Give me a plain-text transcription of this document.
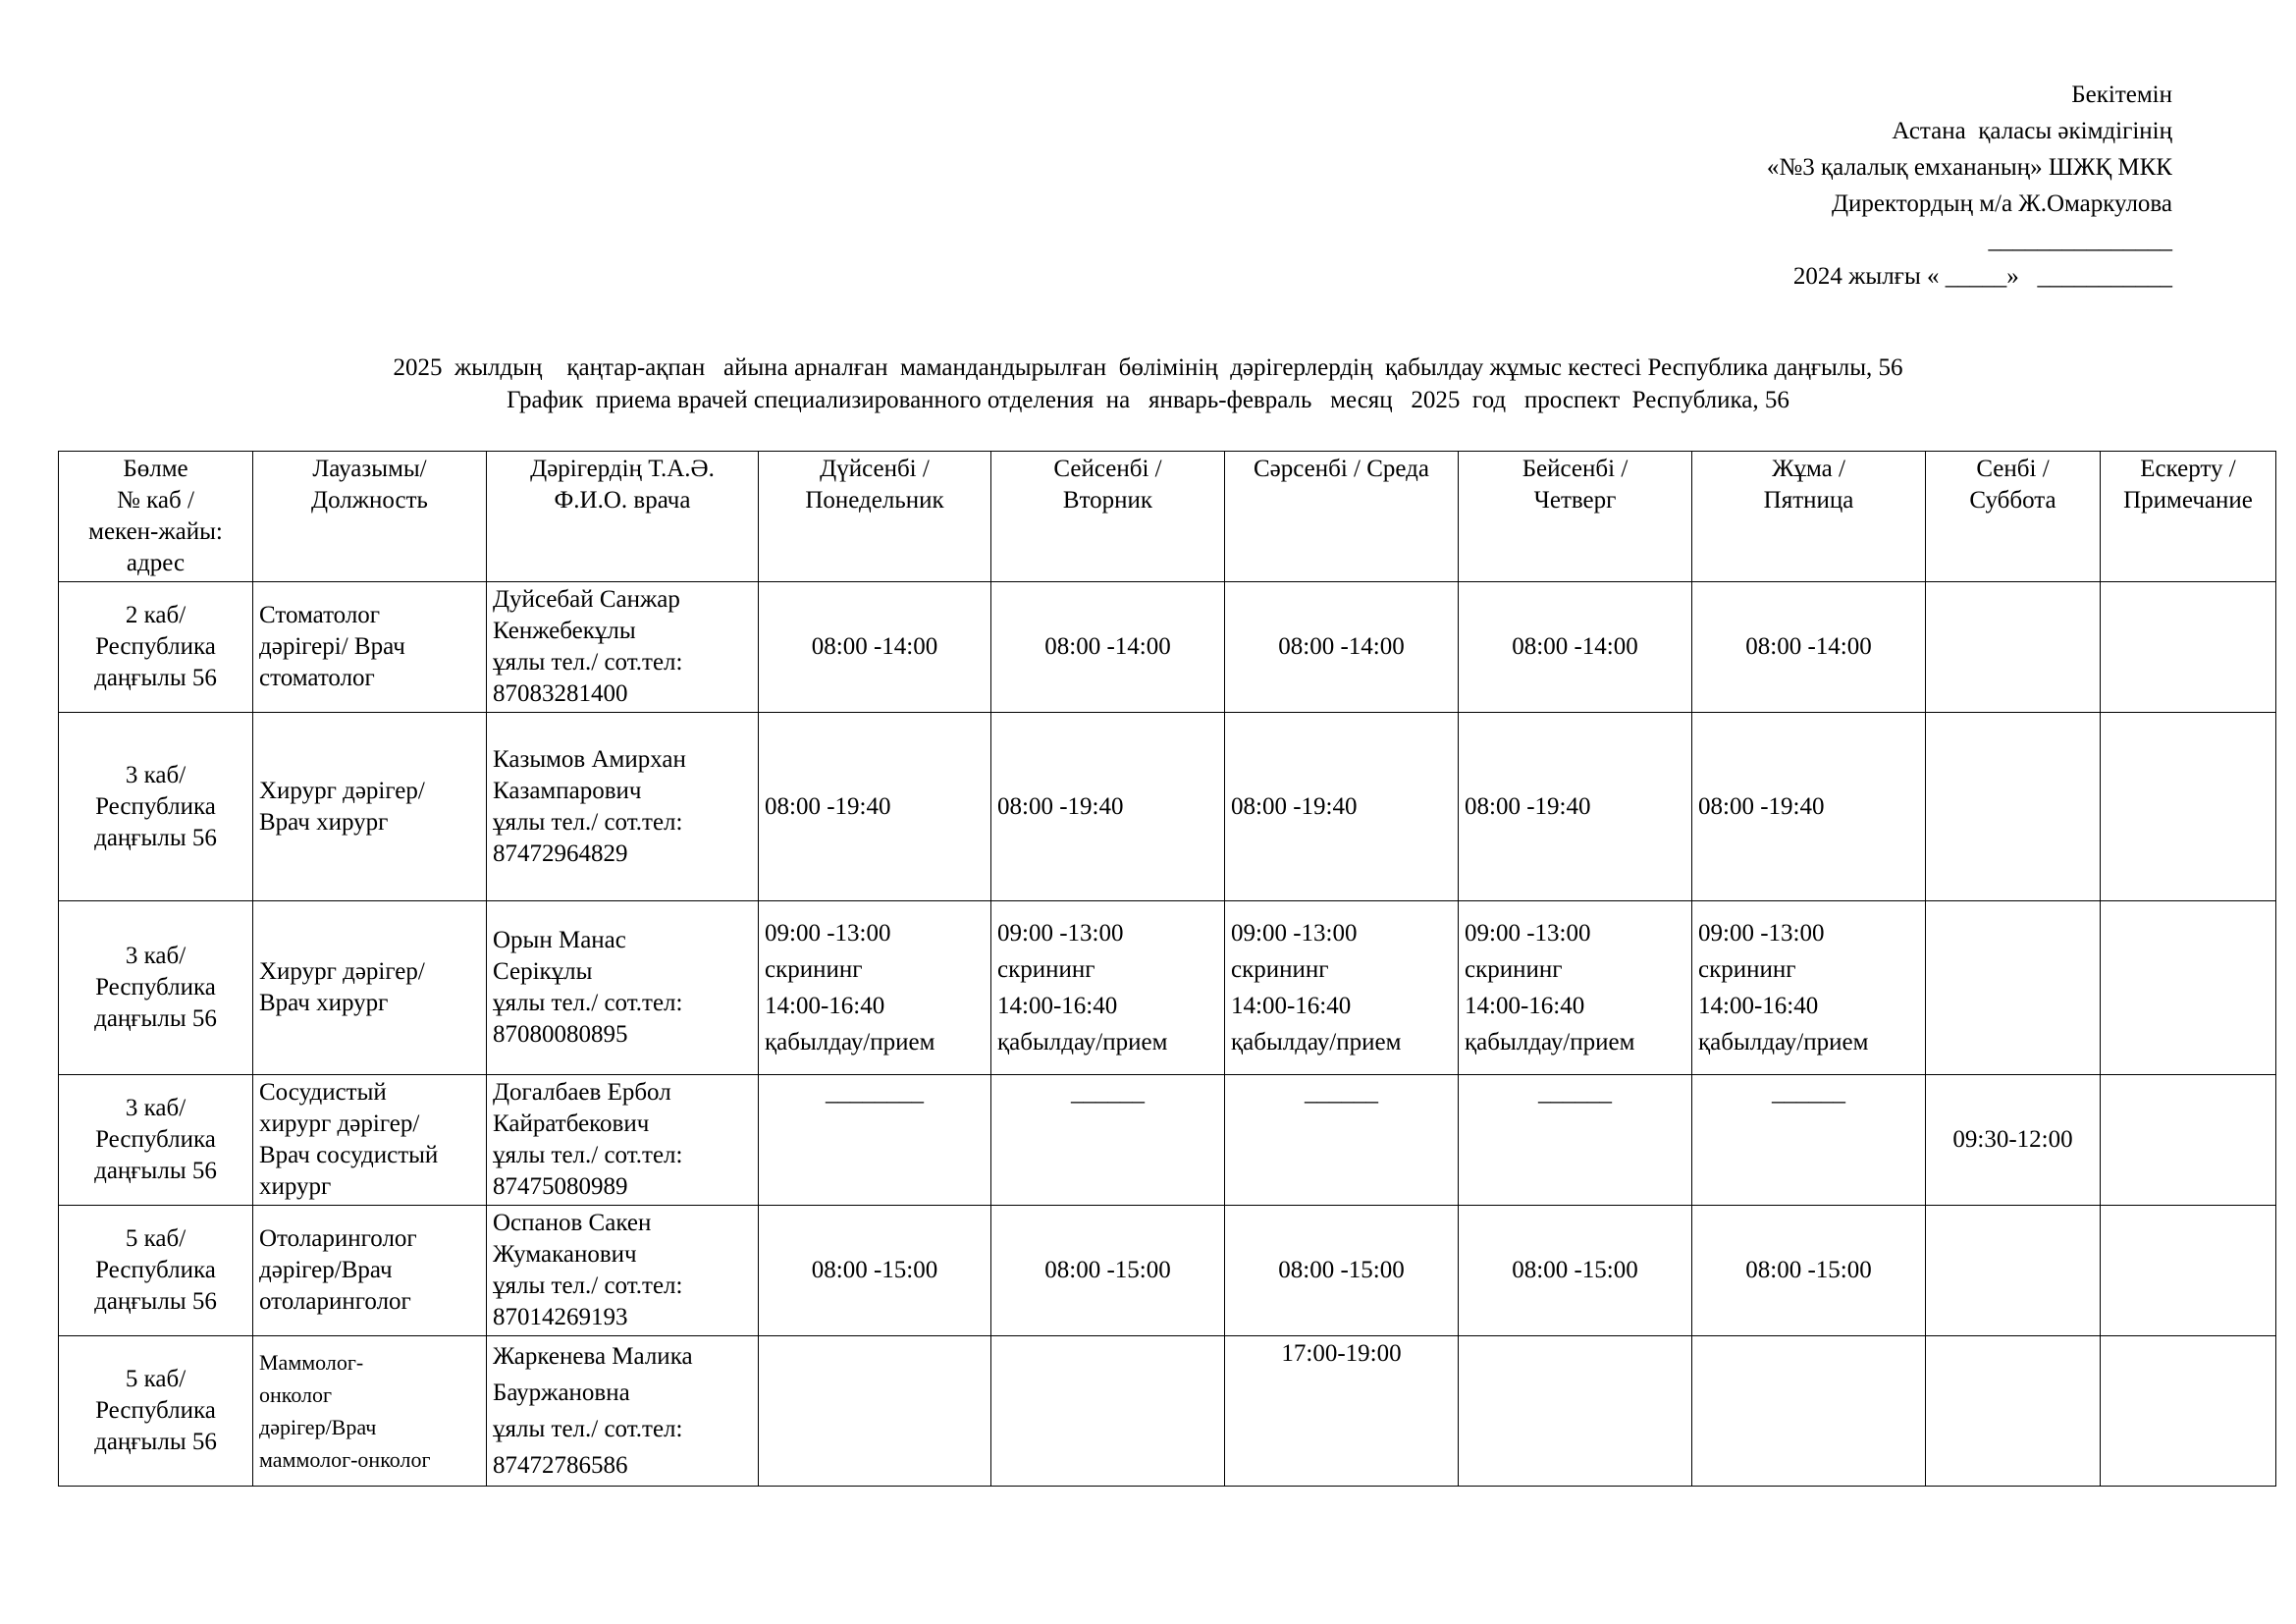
Бекітемін
Астана  қаласы әкімдігінің
«№3 қалалық емхананың» ШЖҚ МКК
Директордың м/а Ж.Омаркулова
_______________
2024 жылғы « _____»   ___________
2025  жылдың    қаңтар-ақпан   айына арналған  мамандандырылған  бөлімінің  дәрігерлердің  қабылдау жұмыс кестесі Республика даңғылы, 56
График  приема врачей специализированного отделения  на   январь-февраль   месяц   2025  год   проспект  Республика, 56
Бөлме
№ каб /
мекен-жайы:
адрес	Лауазымы/
Должность	Дәрігердің Т.А.Ә.
Ф.И.О. врача	Дүйсенбі /
Понедельник	Сейсенбі /
Вторник	Сәрсенбі / Среда	Бейсенбі /
Четверг	Жұма /
Пятница	Сенбі /
Суббота	Ескерту /
Примечание

2 каб/
Республика
даңғылы 56	Стоматолог
дәрігері/ Врач
стоматолог	Дуйсебай Санжар
Кенжебекұлы
ұялы тел./ сот.тел:
87083281400	08:00 -14:00	08:00 -14:00	08:00 -14:00	08:00 -14:00	08:00 -14:00		

3 каб/
Республика
даңғылы 56	Хирург дәрігер/
Врач хирург	Казымов Амирхан
Казампарович
ұялы тел./ сот.тел:
87472964829	08:00 -19:40	08:00 -19:40	08:00 -19:40	08:00 -19:40	08:00 -19:40		

3 каб/
Республика
даңғылы 56	Хирург дәрігер/
Врач хирург	Орын Манас
Серікұлы
ұялы тел./ сот.тел:
87080080895	09:00 -13:00
скрининг
14:00-16:40
қабылдау/прием	09:00 -13:00
скрининг
14:00-16:40
қабылдау/прием	09:00 -13:00
скрининг
14:00-16:40
қабылдау/прием	09:00 -13:00
скрининг
14:00-16:40
қабылдау/прием	09:00 -13:00
скрининг
14:00-16:40
қабылдау/прием		

3 каб/
Республика
даңғылы 56	Сосудистый
хирург дәрігер/
Врач сосудистый
хирург	Догалбаев Ербол
Кайратбекович
ұялы тел./ сот.тел:
87475080989	________	______	______	______	______	09:30-12:00	

5 каб/
Республика
даңғылы 56	Отоларинголог
дәрігер/Врач
отоларинголог	Оспанов Сакен
Жумаканович
ұялы тел./ сот.тел:
87014269193	08:00 -15:00	08:00 -15:00	08:00 -15:00	08:00 -15:00	08:00 -15:00		

5 каб/
Республика
даңғылы 56	Маммолог-
онколог
дәрігер/Врач
маммолог-онколог	Жаркенева Малика
Бауржановна
ұялы тел./ сот.тел:
87472786586			17:00-19:00				
